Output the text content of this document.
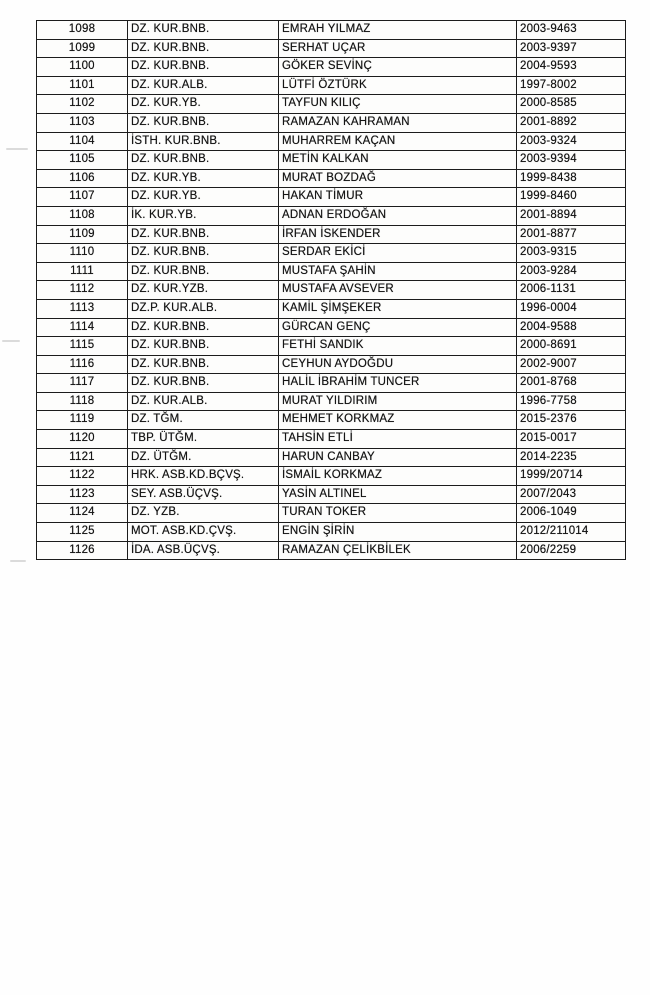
1098	DZ. KUR.BNB.	EMRAH YILMAZ	2003-9463
1099	DZ. KUR.BNB.	SERHAT UÇAR	2003-9397
1100	DZ. KUR.BNB.	GÖKER SEVİNÇ	2004-9593
1101	DZ. KUR.ALB.	LÜTFİ ÖZTÜRK	1997-8002
1102	DZ. KUR.YB.	TAYFUN KILIÇ	2000-8585
1103	DZ. KUR.BNB.	RAMAZAN KAHRAMAN	2001-8892
1104	İSTH. KUR.BNB.	MUHARREM KAÇAN	2003-9324
1105	DZ. KUR.BNB.	METİN KALKAN	2003-9394
1106	DZ. KUR.YB.	MURAT BOZDAĞ	1999-8438
1107	DZ. KUR.YB.	HAKAN TİMUR	1999-8460
1108	İK. KUR.YB.	ADNAN ERDOĞAN	2001-8894
1109	DZ. KUR.BNB.	İRFAN İSKENDER	2001-8877
1110	DZ. KUR.BNB.	SERDAR EKİCİ	2003-9315
1111	DZ. KUR.BNB.	MUSTAFA ŞAHİN	2003-9284
1112	DZ. KUR.YZB.	MUSTAFA AVSEVER	2006-1131
1113	DZ.P. KUR.ALB.	KAMİL ŞİMŞEKER	1996-0004
1114	DZ. KUR.BNB.	GÜRCAN GENÇ	2004-9588
1115	DZ. KUR.BNB.	FETHİ SANDIK	2000-8691
1116	DZ. KUR.BNB.	CEYHUN AYDOĞDU	2002-9007
1117	DZ. KUR.BNB.	HALİL İBRAHİM TUNCER	2001-8768
1118	DZ. KUR.ALB.	MURAT YILDIRIM	1996-7758
1119	DZ. TĞM.	MEHMET KORKMAZ	2015-2376
1120	TBP. ÜTĞM.	TAHSİN ETLİ	2015-0017
1121	DZ. ÜTĞM.	HARUN CANBAY	2014-2235
1122	HRK. ASB.KD.BÇVŞ.	İSMAİL KORKMAZ	1999/20714
1123	SEY. ASB.ÜÇVŞ.	YASİN ALTINEL	2007/2043
1124	DZ. YZB.	TURAN TOKER	2006-1049
1125	MOT. ASB.KD.ÇVŞ.	ENGİN ŞİRİN	2012/211014
1126	İDA. ASB.ÜÇVŞ.	RAMAZAN ÇELİKBİLEK	2006/2259
